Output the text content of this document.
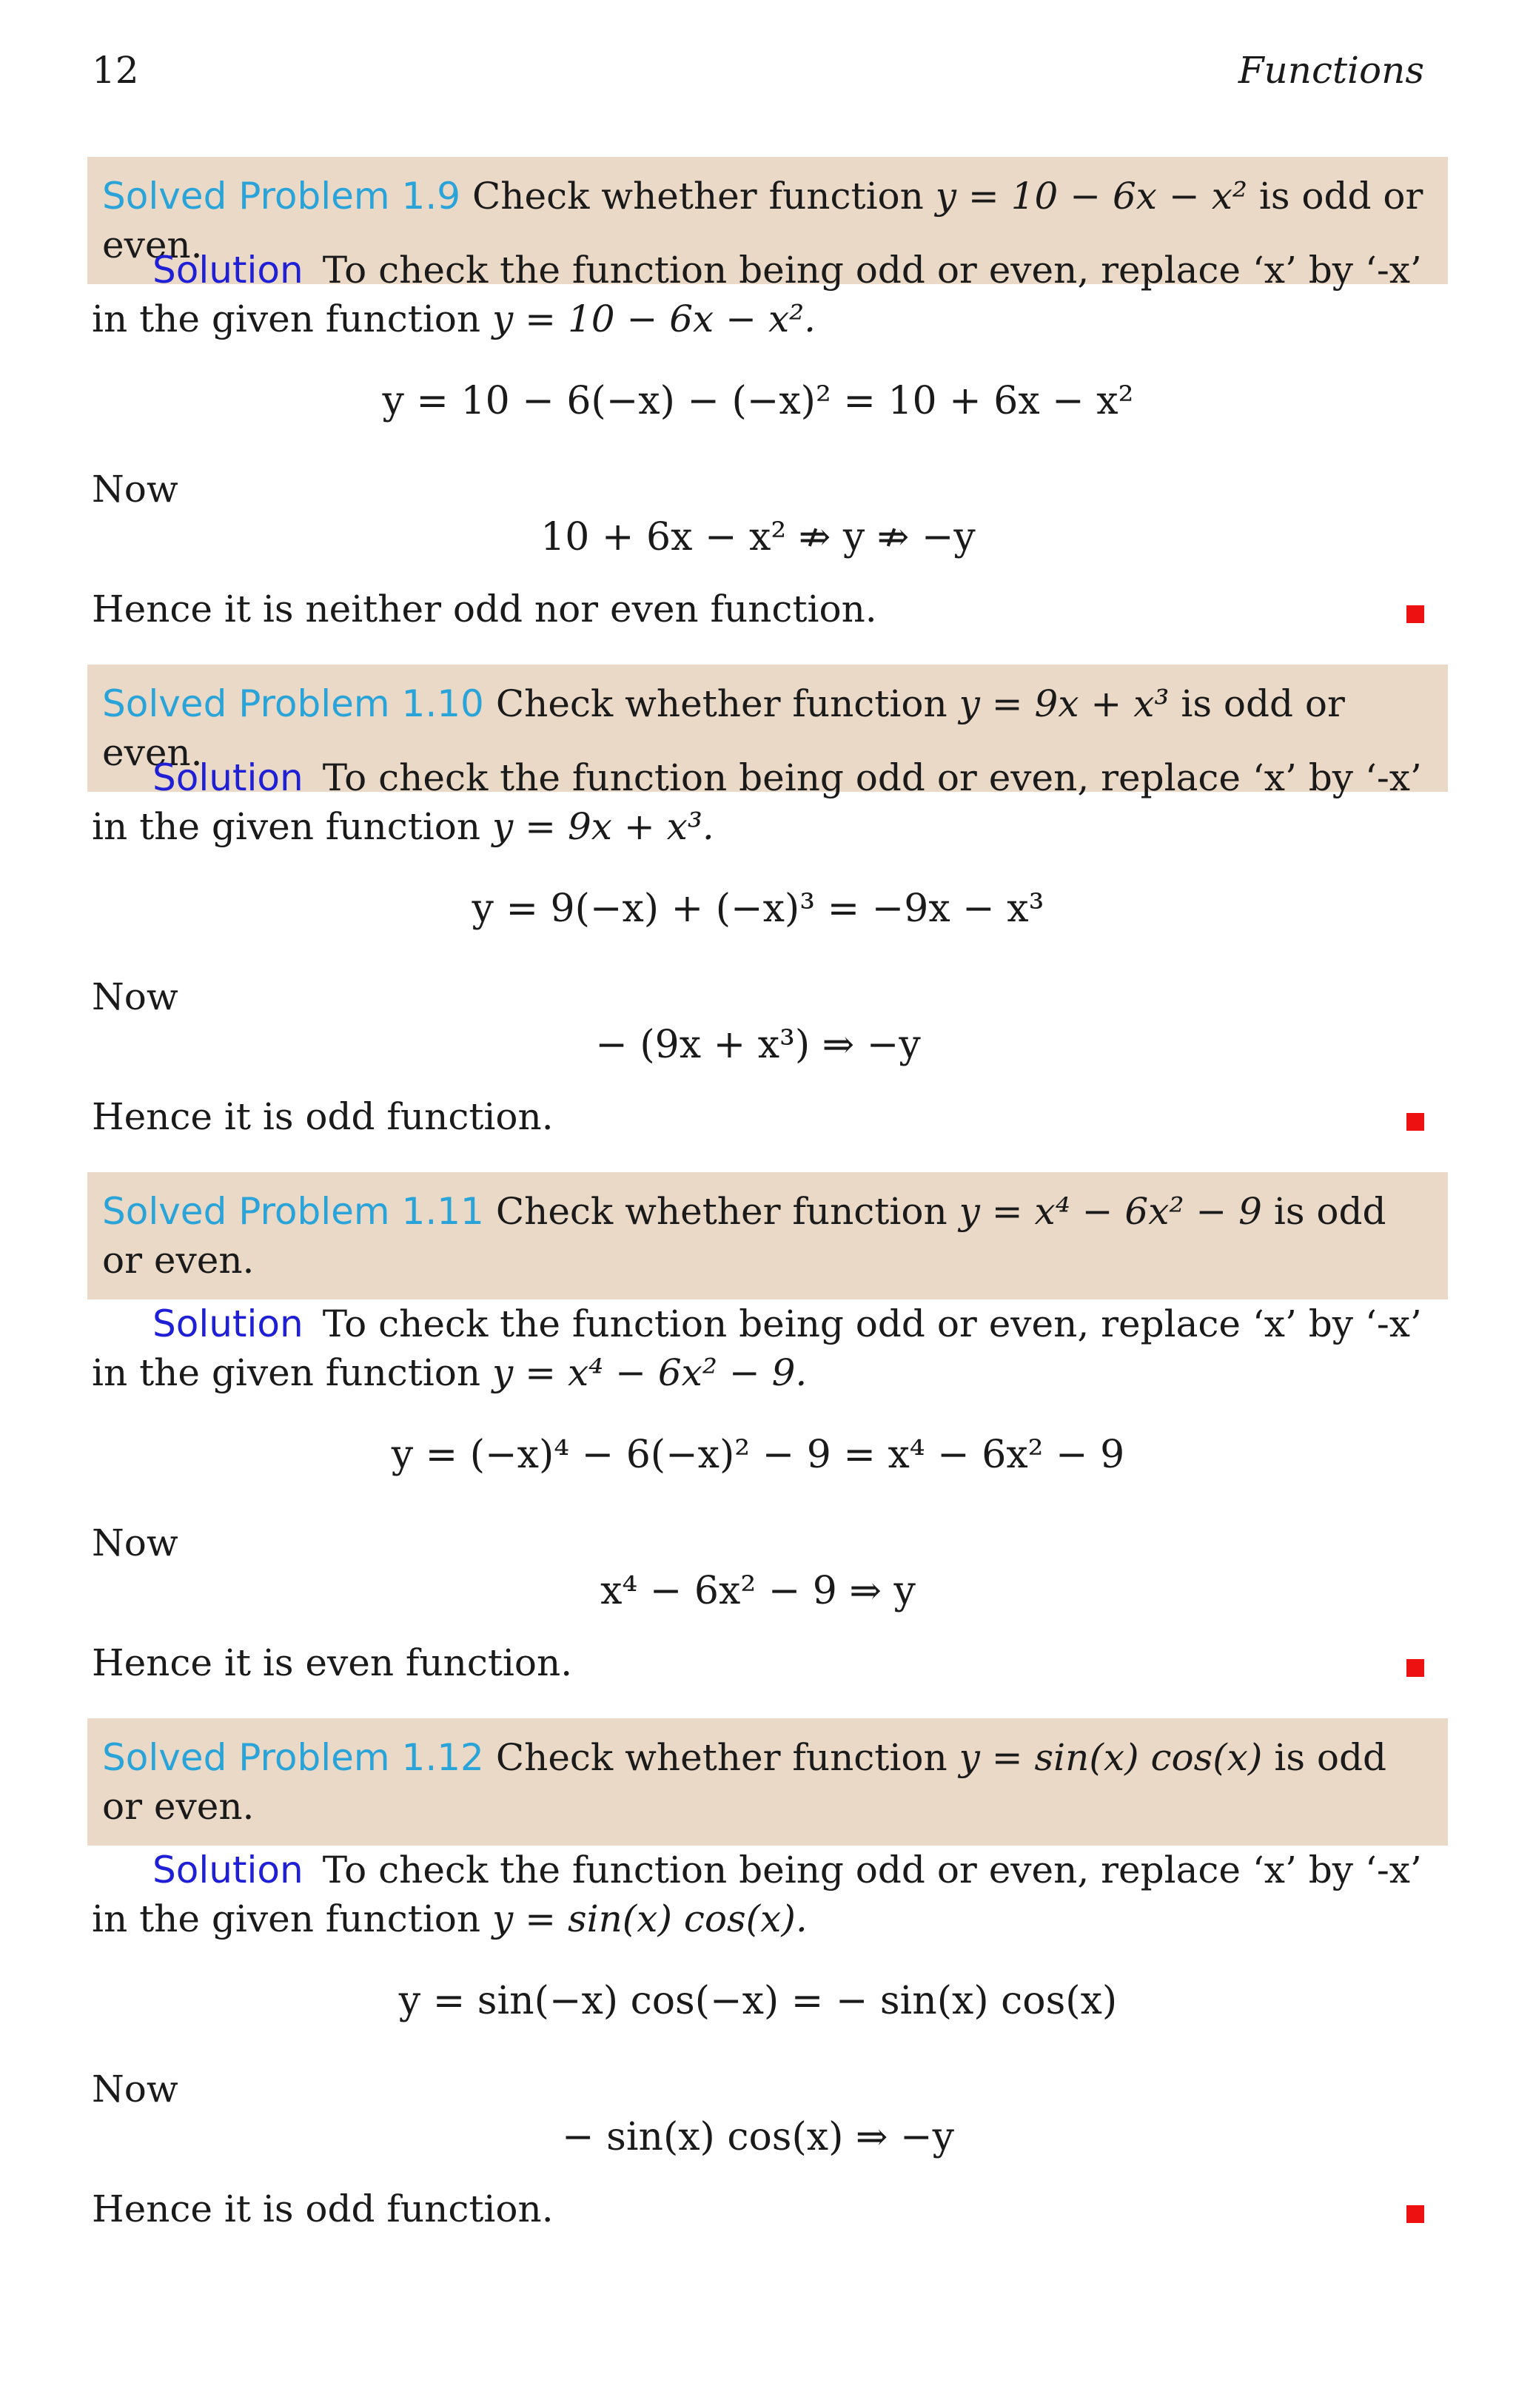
12	Functions
Solved Problem 1.9 Check whether function y = 10 − 6x − x² is odd or even.
Solution To check the function being odd or even, replace ‘x’ by ‘-x’ in the given function y = 10 − 6x − x².
y = 10 − 6(−x) − (−x)² = 10 + 6x − x²
Now
10 + 6x − x² ⇏ y ⇏ −y
Hence it is neither odd nor even function.
Solved Problem 1.10 Check whether function y = 9x + x³ is odd or even.
Solution To check the function being odd or even, replace ‘x’ by ‘-x’ in the given function y = 9x + x³.
y = 9(−x) + (−x)³ = −9x − x³
Now
− (9x + x³) ⇒ −y
Hence it is odd function.
Solved Problem 1.11 Check whether function y = x⁴ − 6x² − 9 is odd or even.
Solution To check the function being odd or even, replace ‘x’ by ‘-x’ in the given function y = x⁴ − 6x² − 9.
y = (−x)⁴ − 6(−x)² − 9 = x⁴ − 6x² − 9
Now
x⁴ − 6x² − 9 ⇒ y
Hence it is even function.
Solved Problem 1.12 Check whether function y = sin(x) cos(x) is odd or even.
Solution To check the function being odd or even, replace ‘x’ by ‘-x’ in the given function y = sin(x) cos(x).
y = sin(−x) cos(−x) = − sin(x) cos(x)
Now
− sin(x) cos(x) ⇒ −y
Hence it is odd function.
